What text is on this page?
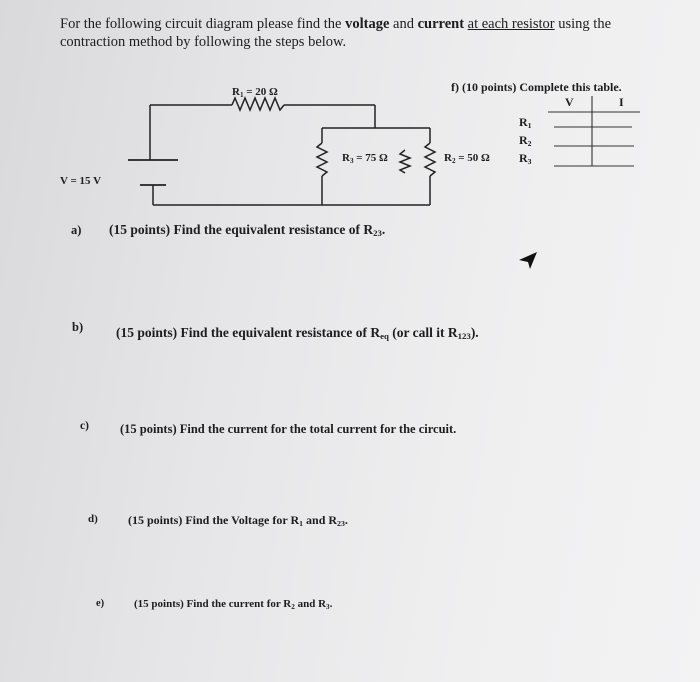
For the following circuit diagram please find the voltage and current at each resistor using the contraction method by following the steps below.
$R_1 = 20$ Ω
$R_3 = 75$ Ω	$R_2 = 50$ Ω
V = 15 V
f) (10 points) Complete this table.
V	I
$R_1$
$R_2$
$R_3$
a) (15 points) Find the equivalent resistance of $R_{23}$.
b) (15 points) Find the equivalent resistance of $R_{eq}$ (or call it $R_{123}$).
c) (15 points) Find the current for the total current for the circuit.
d)	(15 points) Find the Voltage for $R_1$ and $R_{23}$.
e)	(15 points) Find the current for $R_2$ and $R_3$.
